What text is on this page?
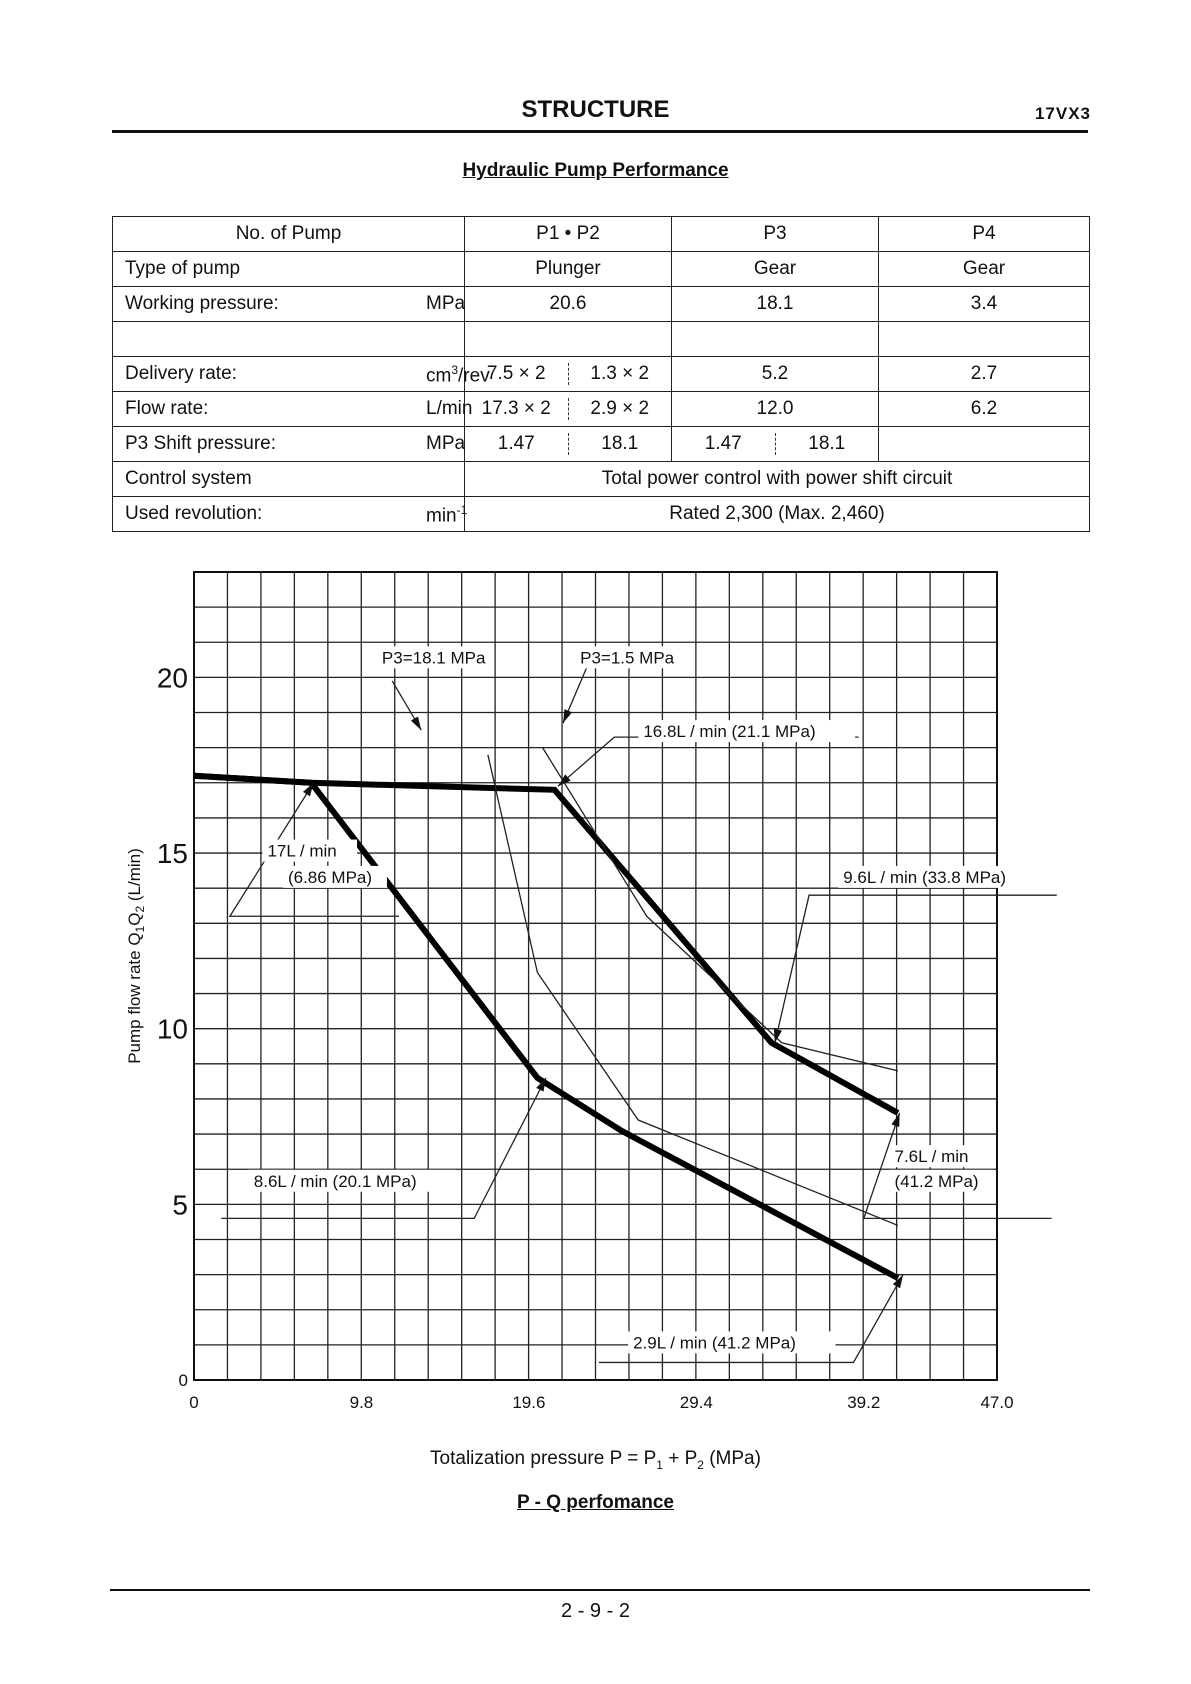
STRUCTURE	17VX3
Hydraulic Pump Performance
No. of Pump	P1 • P2	P3	P4
Type of pump	Plunger	Gear	Gear
Working pressure: MPa	20.6	18.1	3.4

Delivery rate: $cm^3$/rev	7.5 × 2 1.3 × 2	5.2	2.7
Flow rate: L/min	17.3 × 2 2.9 × 2	12.0	6.2
P3 Shift pressure: MPa	1.47 18.1	1.47 18.1	

Control system	Total power control with power shift circuit		
Used revolution: $\min^{-1}$	Rated 2,300 (Max. 2,460)		
0	9.8	19.6	29.4	39.2	47.0
0
5
10
15
20
P3=18.1 MPa	P3=1.5 MPa
16.8L / min (21.1 MPa)
17L / min
(6.86 MPa)	9.6L / min (33.8 MPa)
8.6L / min (20.1 MPa)
7.6L / min
(41.2 MPa)
2.9L / min (41.2 MPa)
Pump flow rate $Q_1Q_2$ (L/min)
Totalization pressure $P = P_1 + P_2$ (MPa)
P - Q perfomance
2 - 9 - 2
